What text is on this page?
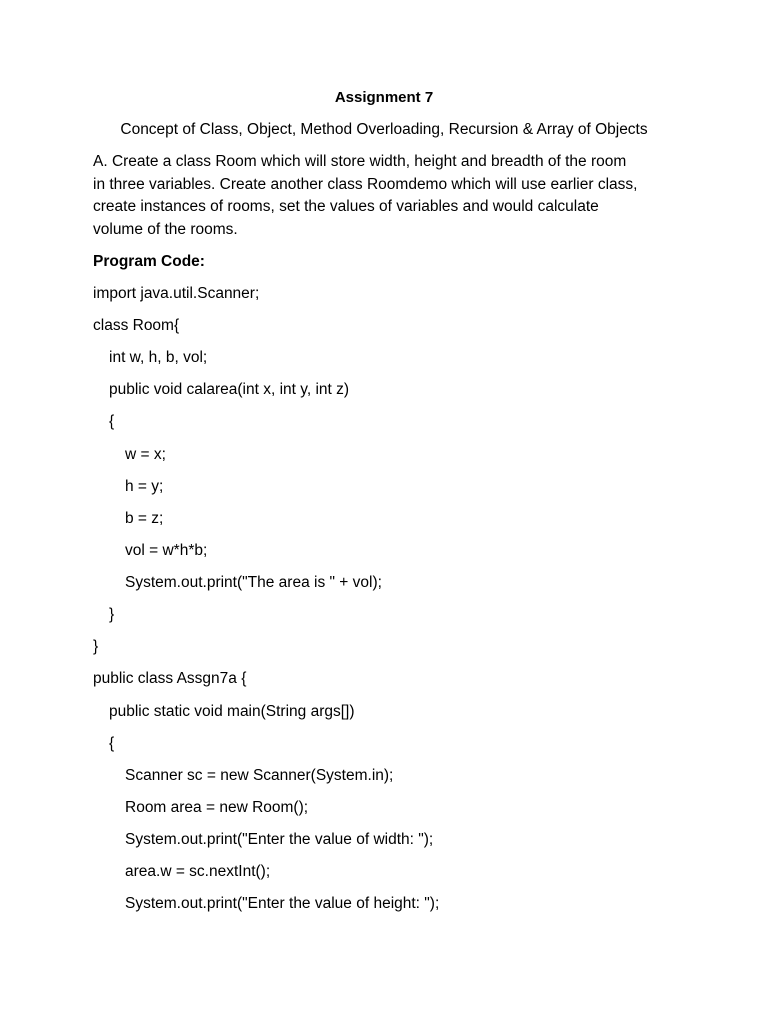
Assignment 7
Concept of Class, Object, Method Overloading, Recursion & Array of Objects
A. Create a class Room which will store width, height and breadth of the room
in three variables. Create another class Roomdemo which will use earlier class,
create instances of rooms, set the values of variables and would calculate
volume of the rooms.
Program Code:
import java.util.Scanner;
class Room{
int w, h, b, vol;
public void calarea(int x, int y, int z)
{
w = x;
h = y;
b = z;
vol = w*h*b;
System.out.print("The area is " + vol);
}
}
public class Assgn7a {
public static void main(String args[])
{
Scanner sc = new Scanner(System.in);
Room area = new Room();
System.out.print("Enter the value of width: ");
area.w = sc.nextInt();
System.out.print("Enter the value of height: ");
